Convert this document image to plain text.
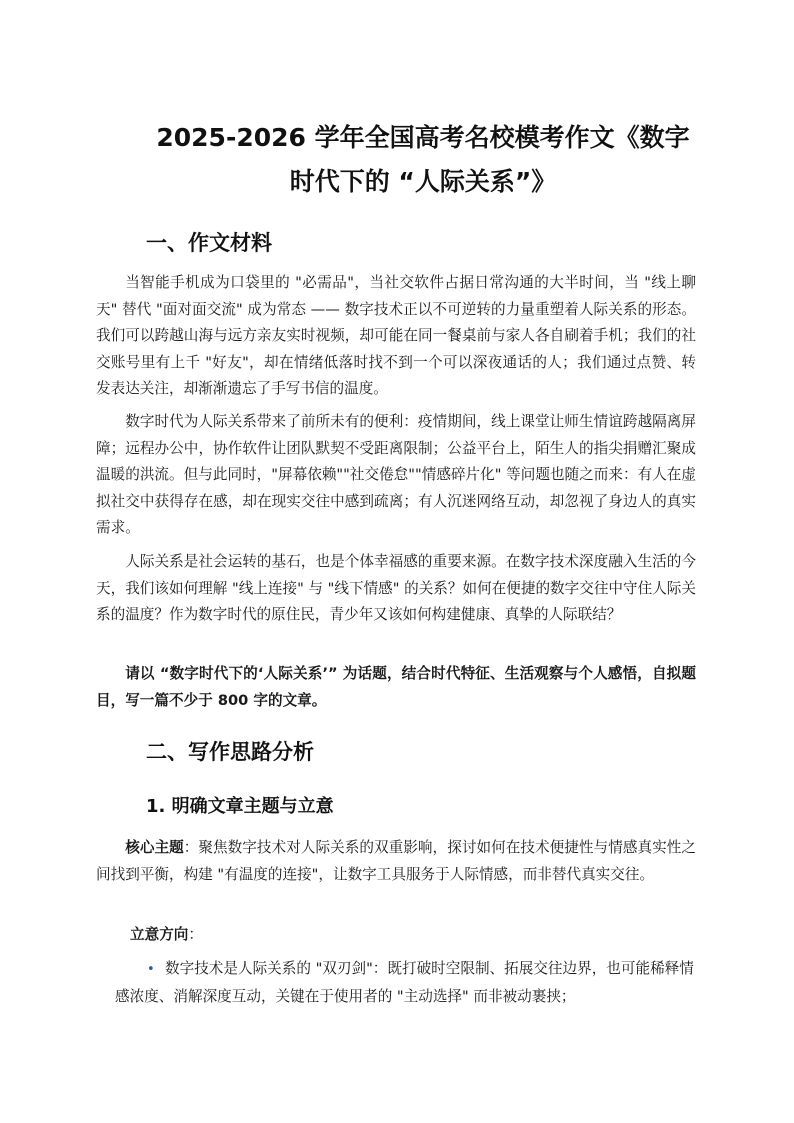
2025-2026 学年全国高考名校模考作文《数字
时代下的 “人际关系”》
一、作文材料

当智能手机成为口袋里的 "必需品"，当社交软件占据日常沟通的大半时间，当 "线上聊天" 替代 "面对面交流" 成为常态 —— 数字技术正以不可逆转的力量重塑着人际关系的形态。我们可以跨越山海与远方亲友实时视频，却可能在同一餐桌前与家人各自刷着手机；我们的社交账号里有上千 "好友"，却在情绪低落时找不到一个可以深夜通话的人；我们通过点赞、转发表达关注，却渐渐遗忘了手写书信的温度。

数字时代为人际关系带来了前所未有的便利：疫情期间，线上课堂让师生情谊跨越隔离屏障；远程办公中，协作软件让团队默契不受距离限制；公益平台上，陌生人的指尖捐赠汇聚成温暖的洪流。但与此同时，"屏幕依赖""社交倦怠""情感碎片化" 等问题也随之而来：有人在虚拟社交中获得存在感，却在现实交往中感到疏离；有人沉迷网络互动，却忽视了身边人的真实需求。

人际关系是社会运转的基石，也是个体幸福感的重要来源。在数字技术深度融入生活的今天，我们该如何理解 "线上连接" 与 "线下情感" 的关系？如何在便捷的数字交往中守住人际关系的温度？作为数字时代的原住民，青少年又该如何构建健康、真挚的人际联结？

请以 “数字时代下的‘人际关系’” 为话题，结合时代特征、生活观察与个人感悟，自拟题目，写一篇不少于 800 字的文章。

二、写作思路分析
1. 明确文章主题与立意

核心主题：聚焦数字技术对人际关系的双重影响，探讨如何在技术便捷性与情感真实性之间找到平衡，构建 "有温度的连接"，让数字工具服务于人际情感，而非替代真实交往。

立意方向：

• 数字技术是人际关系的 "双刃剑"：既打破时空限制、拓展交往边界，也可能稀释情感浓度、消解深度互动，关键在于使用者的 "主动选择" 而非被动裹挟；
